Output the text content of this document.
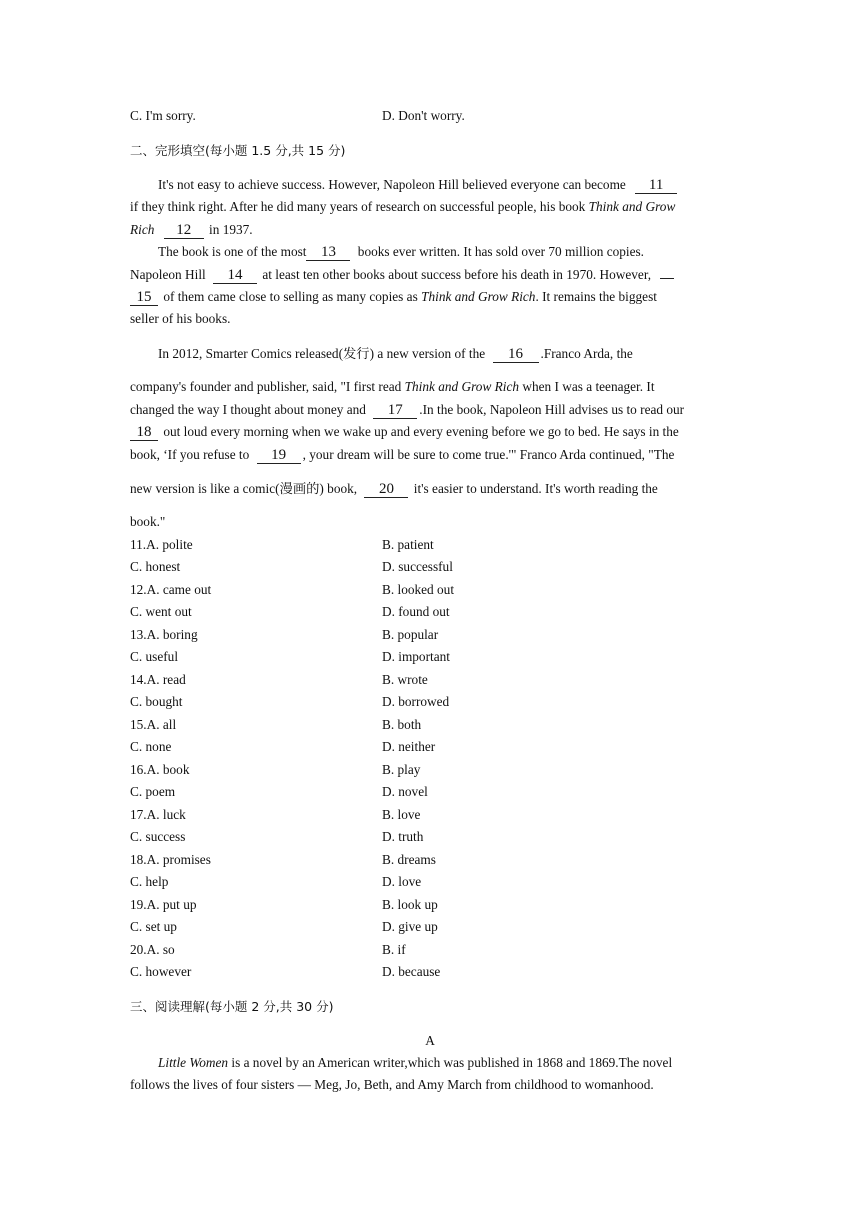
C. I'm sorry.	D. Don't worry.
二、完形填空(每小题 1.5 分,共 15 分)
It's not easy to achieve success. However, Napoleon Hill believed everyone can become 11
if they think right. After he did many years of research on successful people, his book Think and Grow
Rich 12 in 1937.
The book is one of the most 13 books ever written. It has sold over 70 million copies.
Napoleon Hill 14 at least ten other books about success before his death in 1970. However,
15 of them came close to selling as many copies as Think and Grow Rich. It remains the biggest
seller of his books.
In 2012, Smarter Comics released(发行) a new version of the 16 .Franco Arda, the
company's founder and publisher, said, "I first read Think and Grow Rich when I was a teenager. It
changed the way I thought about money and 17 .In the book, Napoleon Hill advises us to read our
18 out loud every morning when we wake up and every evening before we go to bed. He says in the
book, ‘If you refuse to 19 , your dream will be sure to come true.'" Franco Arda continued, "The
new version is like a comic(漫画的) book, 20 it's easier to understand. It's worth reading the
book."
11.A. polite	B. patient
C. honest	D. successful
12.A. came out	B. looked out
C. went out	D. found out
13.A. boring	B. popular
C. useful	D. important
14.A. read	B. wrote
C. bought	D. borrowed
15.A. all	B. both
C. none	D. neither
16.A. book	B. play
C. poem	D. novel
17.A. luck	B. love
C. success	D. truth
18.A. promises	B. dreams
C. help	D. love
19.A. put up	B. look up
C. set up	D. give up
20.A. so	B. if
C. however	D. because
三、阅读理解(每小题 2 分,共 30 分)
A
Little Women is a novel by an American writer,which was published in 1868 and 1869.The novel
follows the lives of four sisters — Meg, Jo, Beth, and Amy March from childhood to womanhood.
